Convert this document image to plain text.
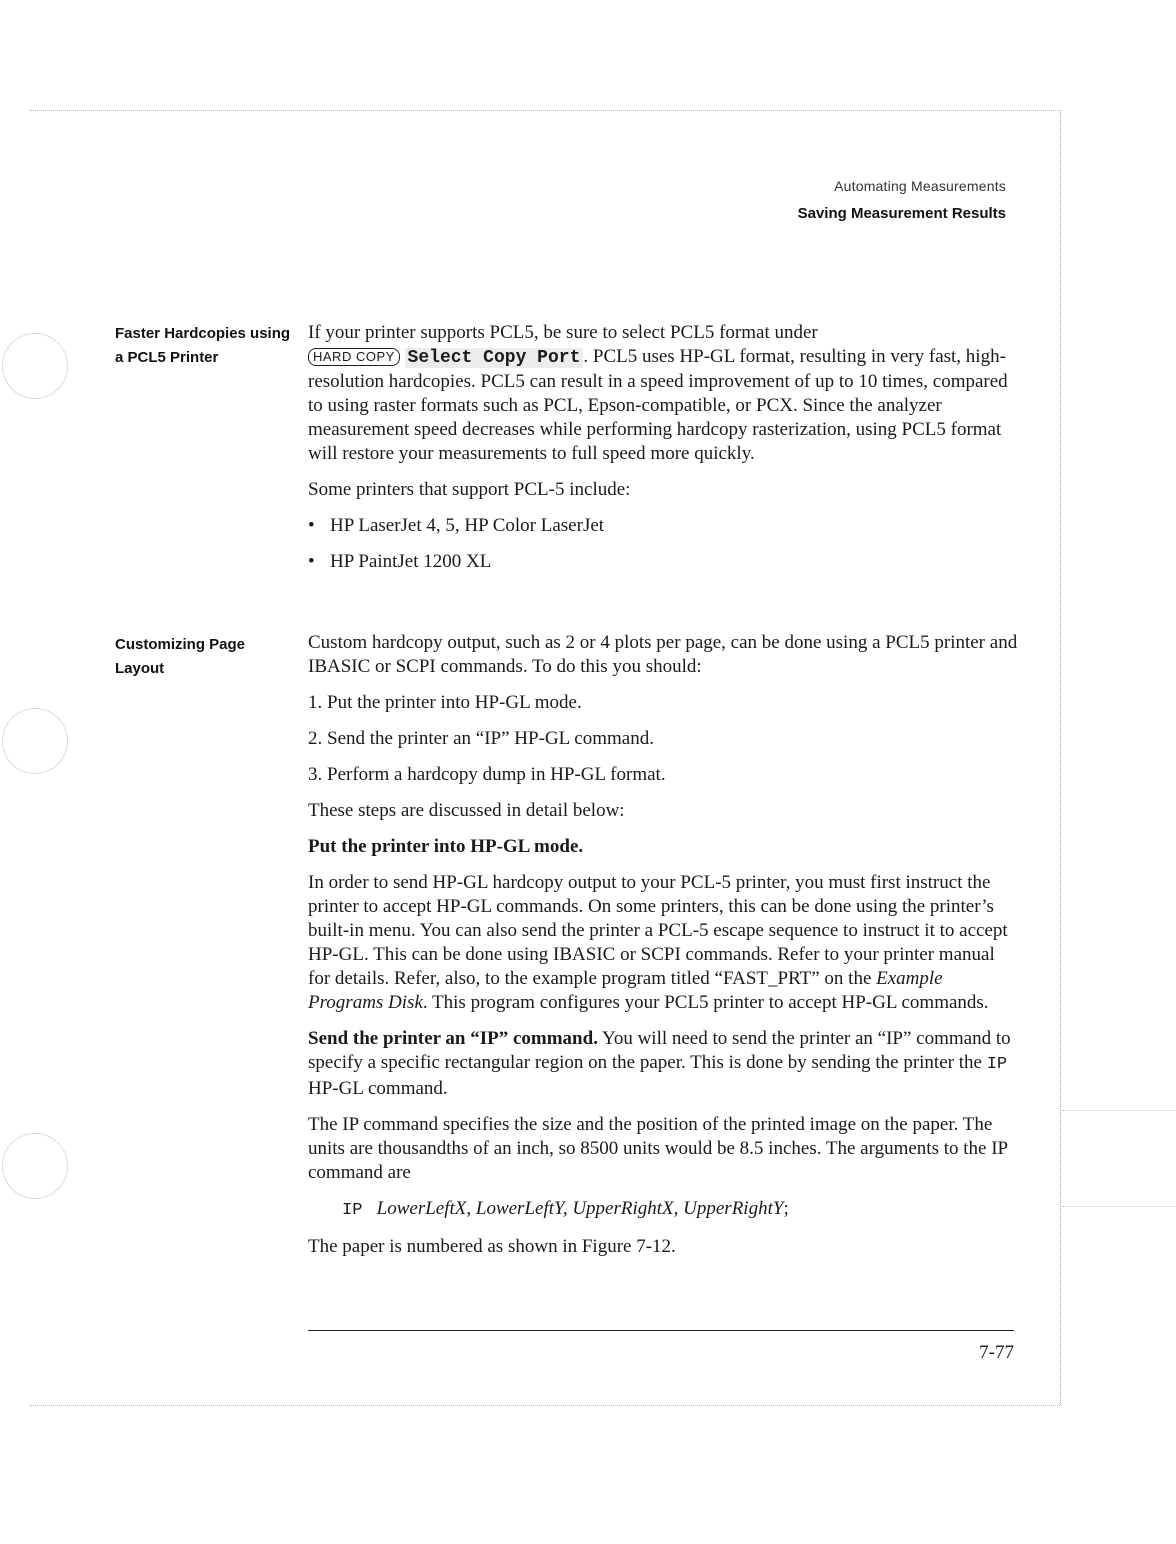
Automating Measurements
Saving Measurement Results
Faster Hardcopies using
a PCL5 Printer

If your printer supports PCL5, be sure to select PCL5 format under
HARD COPY Select Copy Port . PCL5 uses HP-GL format, resulting in very fast, high-resolution hardcopies. PCL5 can result in a speed improvement of up to 10 times, compared to using raster formats such as PCL, Epson-compatible, or PCX. Since the analyzer measurement speed decreases while performing hardcopy rasterization, using PCL5 format will restore your measurements to full speed more quickly.

Some printers that support PCL-5 include:

• HP LaserJet 4, 5, HP Color LaserJet

• HP PaintJet 1200 XL

Customizing Page
Layout

Custom hardcopy output, such as 2 or 4 plots per page, can be done using a PCL5 printer and IBASIC or SCPI commands. To do this you should:

1. Put the printer into HP-GL mode.

2. Send the printer an “IP” HP-GL command.

3. Perform a hardcopy dump in HP-GL format.

These steps are discussed in detail below:

Put the printer into HP-GL mode.

In order to send HP-GL hardcopy output to your PCL-5 printer, you must first instruct the printer to accept HP-GL commands. On some printers, this can be done using the printer’s built-in menu. You can also send the printer a PCL-5 escape sequence to instruct it to accept HP-GL. This can be done using IBASIC or SCPI commands. Refer to your printer manual for details. Refer, also, to the example program titled “FAST_PRT” on the Example Programs Disk. This program configures your PCL5 printer to accept HP-GL commands.

Send the printer an “IP” command. You will need to send the printer an “IP” command to specify a specific rectangular region on the paper. This is done by sending the printer the IP HP-GL command.

The IP command specifies the size and the position of the printed image on the paper. The units are thousandths of an inch, so 8500 units would be 8.5 inches. The arguments to the IP command are

IP LowerLeftX, LowerLeftY, UpperRightX, UpperRightY;

The paper is numbered as shown in Figure 7-12.

7-77
